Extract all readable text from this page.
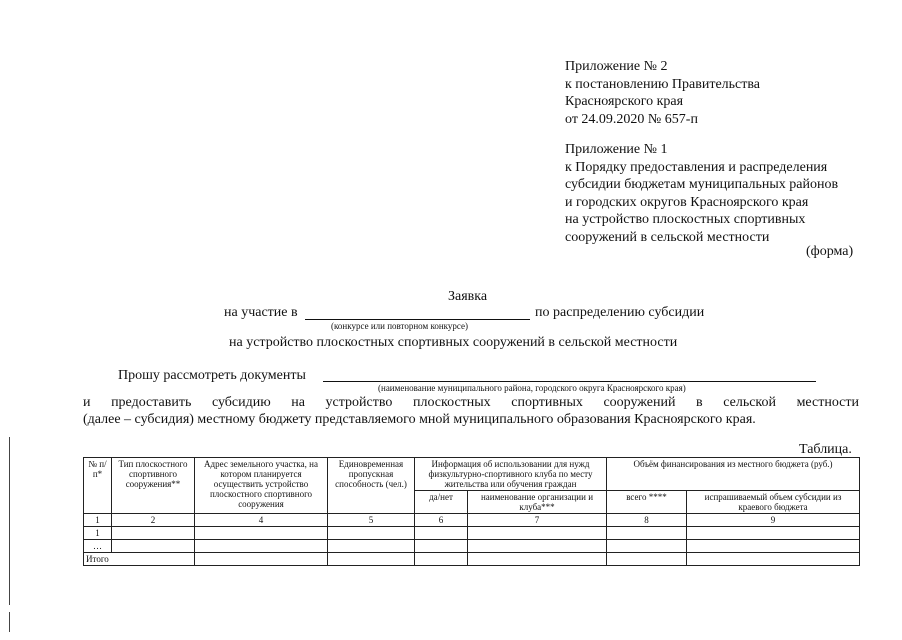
Приложение № 2
к постановлению Правительства
Красноярского края
от 24.09.2020 № 657-п
Приложение № 1
к Порядку предоставления и распределения
субсидии бюджетам муниципальных районов
и городских округов Красноярского края
на устройство плоскостных спортивных
сооружений в сельской местности
(форма)
Заявка
на участие в	по распределению субсидии
(конкурсе или повторном конкурсе)
на устройство плоскостных спортивных сооружений в сельской местности
Прошу рассмотреть документы
(наименование муниципального района, городского округа Красноярского края)
и предоставить субсидию на устройство плоскостных спортивных сооружений в сельской местности
(далее – субсидия) местному бюджету представляемого мной муниципального образования Красноярского края.
Таблица.
№ п/п*	Тип плоскостного спортивного сооружения**	Адрес земельного участка, на котором планируется осуществить устройство плоскостного спортивного сооружения	Единовременная пропускная способность (чел.)	Информация об использовании для нужд физкультурно-спортивного клуба по месту жительства или обучения граждан		Объём финансирования из местного бюджета (руб.)	
				да/нет	наименование организации и клуба***	всего ****	испрашиваемый объем субсидии из краевого бюджета
1	2	4	5	6	7	8	9
1							
…							
Итого							
